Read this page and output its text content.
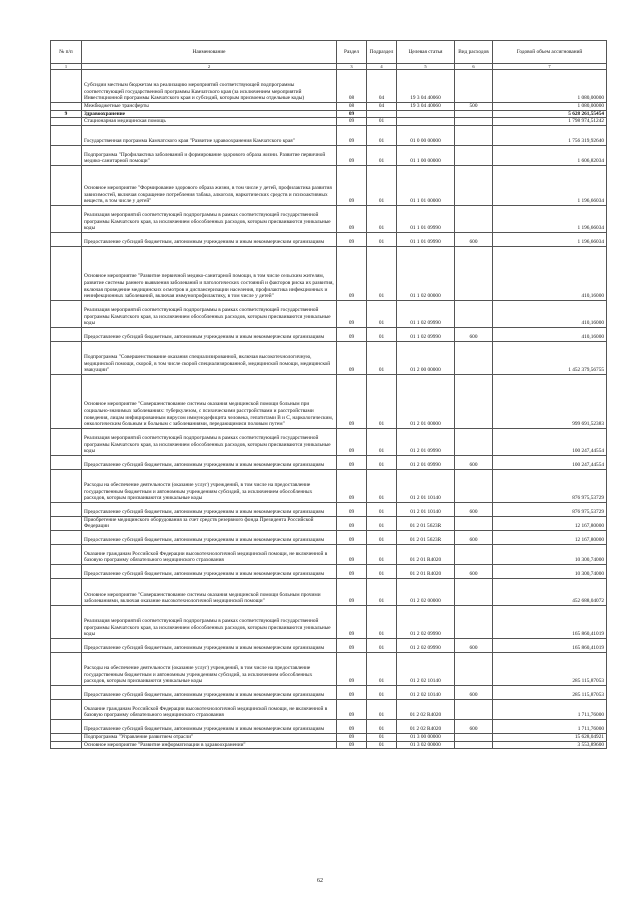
№ п/п	Наименование	Раздел	Подраздел	Целевая статья	Вид расходов	Годовой объем ассигнований
1	2	3	4	5	6	7
	Субсидии местным бюджетам на реализацию мероприятий соответствующей подпрограммы соответствующей государственной программы Камчатского края (за исключением мероприятий Инвестиционной программы Камчатского края и субсидий, которым присвоены отдельные коды)	08	04	19 3 04 40060		1 080,00000
	Межбюджетные трансферты	08	04	19 3 04 40060	500	1 080,00000
9	Здравоохранение	09				5 628 261,55454
	Стационарная медицинская помощь	09	01			1 798 974,51242
	Государственная программа Камчатского края "Развитие здравоохранения Камчатского края"	09	01	01 0 00 00000		1 756 319,92640
	Подпрограмма "Профилактика заболеваний и формирование здорового образа жизни. Развитие первичной медико-санитарной помощи"	09	01	01 1 00 00000		1 606,82034
	Основное мероприятие "Формирование здорового образа жизни, в том числе у детей, профилактика развития зависимостей, включая сокращение потребления табака, алкоголя, наркотических средств и психоактивных веществ, в том числе у детей"	09	01	01 1 01 00000		1 196,66034
	Реализация мероприятий соответствующей подпрограммы в рамках соответствующей государственной программы Камчатского края, за исключением обособленных расходов, которым присваиваются уникальные коды	09	01	01 1 01 09990		1 196,66034
	Предоставление субсидий бюджетным, автономным учреждениям и иным некоммерческим организациям	09	01	01 1 01 09990	600	1 196,66034
	Основное мероприятие "Развитие первичной медико-санитарной помощи, в том числе сельским жителям, развитие системы раннего выявления заболеваний и патологических состояний и факторов риска их развития, включая проведение медицинских осмотров и диспансеризации населения, профилактика инфекционных и неинфекционных заболеваний, включая иммунопрофилактику, в том числе у детей"	09	01	01 1 02 00000		410,16000
	Реализация мероприятий соответствующей подпрограммы в рамках соответствующей государственной программы Камчатского края, за исключением обособленных расходов, которым присваиваются уникальные коды	09	01	01 1 02 09990		410,16000
	Предоставление субсидий бюджетным, автономным учреждениям и иным некоммерческим организациям	09	01	01 1 02 09990	600	410,16000
	Подпрограмма "Совершенствование оказания специализированной, включая высокотехнологичную, медицинской помощи, скорой, в том числе скорой специализированной, медицинской помощи, медицинской эвакуации"	09	01	01 2 00 00000		1 452 379,56755
	Основное мероприятие "Совершенствование системы оказания медицинской помощи больным при социально-значимых заболеваниях: туберкулезом, с психическими расстройствами и расстройствами поведения, лицам инфицированным вирусом иммунодефицита человека, гепатитами В и С, наркологическим, онкологическим больным и больным с заболеваниями, передающимися половым путем"	09	01	01 2 01 00000		999 691,52383
	Реализация мероприятий соответствующей подпрограммы в рамках соответствующей государственной программы Камчатского края, за исключением обособленных расходов, которым присваиваются уникальные коды	09	01	01 2 01 09990		100 247,44554
	Предоставление субсидий бюджетным, автономным учреждениям и иным некоммерческим организациям	09	01	01 2 01 09990	600	100 247,44554
	Расходы на обеспечение деятельности (оказание услуг) учреждений, в том числе на предоставление государственным бюджетным и автономным учреждениям субсидий, за исключением обособленных расходов, которым присваиваются уникальные коды	09	01	01 2 01 10140		876 975,53729
	Предоставление субсидий бюджетным, автономным учреждениям и иным некоммерческим организациям	09	01	01 2 01 10140	600	876 975,53729
	Приобретение медицинского оборудования за счет средств резервного фонда Президента Российской Федерации	09	01	01 2 01 5623R		12 167,80000
	Предоставление субсидий бюджетным, автономным учреждениям и иным некоммерческим организациям	09	01	01 2 01 5623R	600	12 167,80000
	Оказание гражданам Российской Федерации высокотехнологичной медицинской помощи, не включенной в базовую программу обязательного медицинского страхования	09	01	01 2 01 R4020		10 300,74000
	Предоставление субсидий бюджетным, автономным учреждениям и иным некоммерческим организациям	09	01	01 2 01 R4020	600	10 300,74000
	Основное мероприятие "Совершенствование системы оказания медицинской помощи больным прочими заболеваниями, включая оказание высокотехнологичной медицинской помощи"	09	01	01 2 02 00000		452 688,04072
	Реализация мероприятий соответствующей подпрограммы в рамках соответствующей государственной программы Камчатского края, за исключением обособленных расходов, которым присваиваются уникальные коды	09	01	01 2 02 09990		165 860,41019
	Предоставление субсидий бюджетным, автономным учреждениям и иным некоммерческим организациям	09	01	01 2 02 09990	600	165 860,41019
	Расходы на обеспечение деятельности (оказание услуг) учреждений, в том числе на предоставление государственным бюджетным и автономным учреждениям субсидий, за исключением обособленных расходов, которым присваиваются уникальные коды	09	01	01 2 02 10140		285 115,87053
	Предоставление субсидий бюджетным, автономным учреждениям и иным некоммерческим организациям	09	01	01 2 02 10140	600	285 115,87053
	Оказание гражданам Российской Федерации высокотехнологичной медицинской помощи, не включенной в базовую программу обязательного медицинского страхования	09	01	01 2 02 R4020		1 711,76000
	Предоставление субсидий бюджетным, автономным учреждениям и иным некоммерческим организациям	09	01	01 2 02 R4020	600	1 711,76000
	Подпрограмма "Управление развитием отрасли"	09	01	01 3 00 00000		15 628,04921
	Основное мероприятие "Развитие информатизации в здравоохранении"	09	01	01 3 02 00000		3 553,89600
62
